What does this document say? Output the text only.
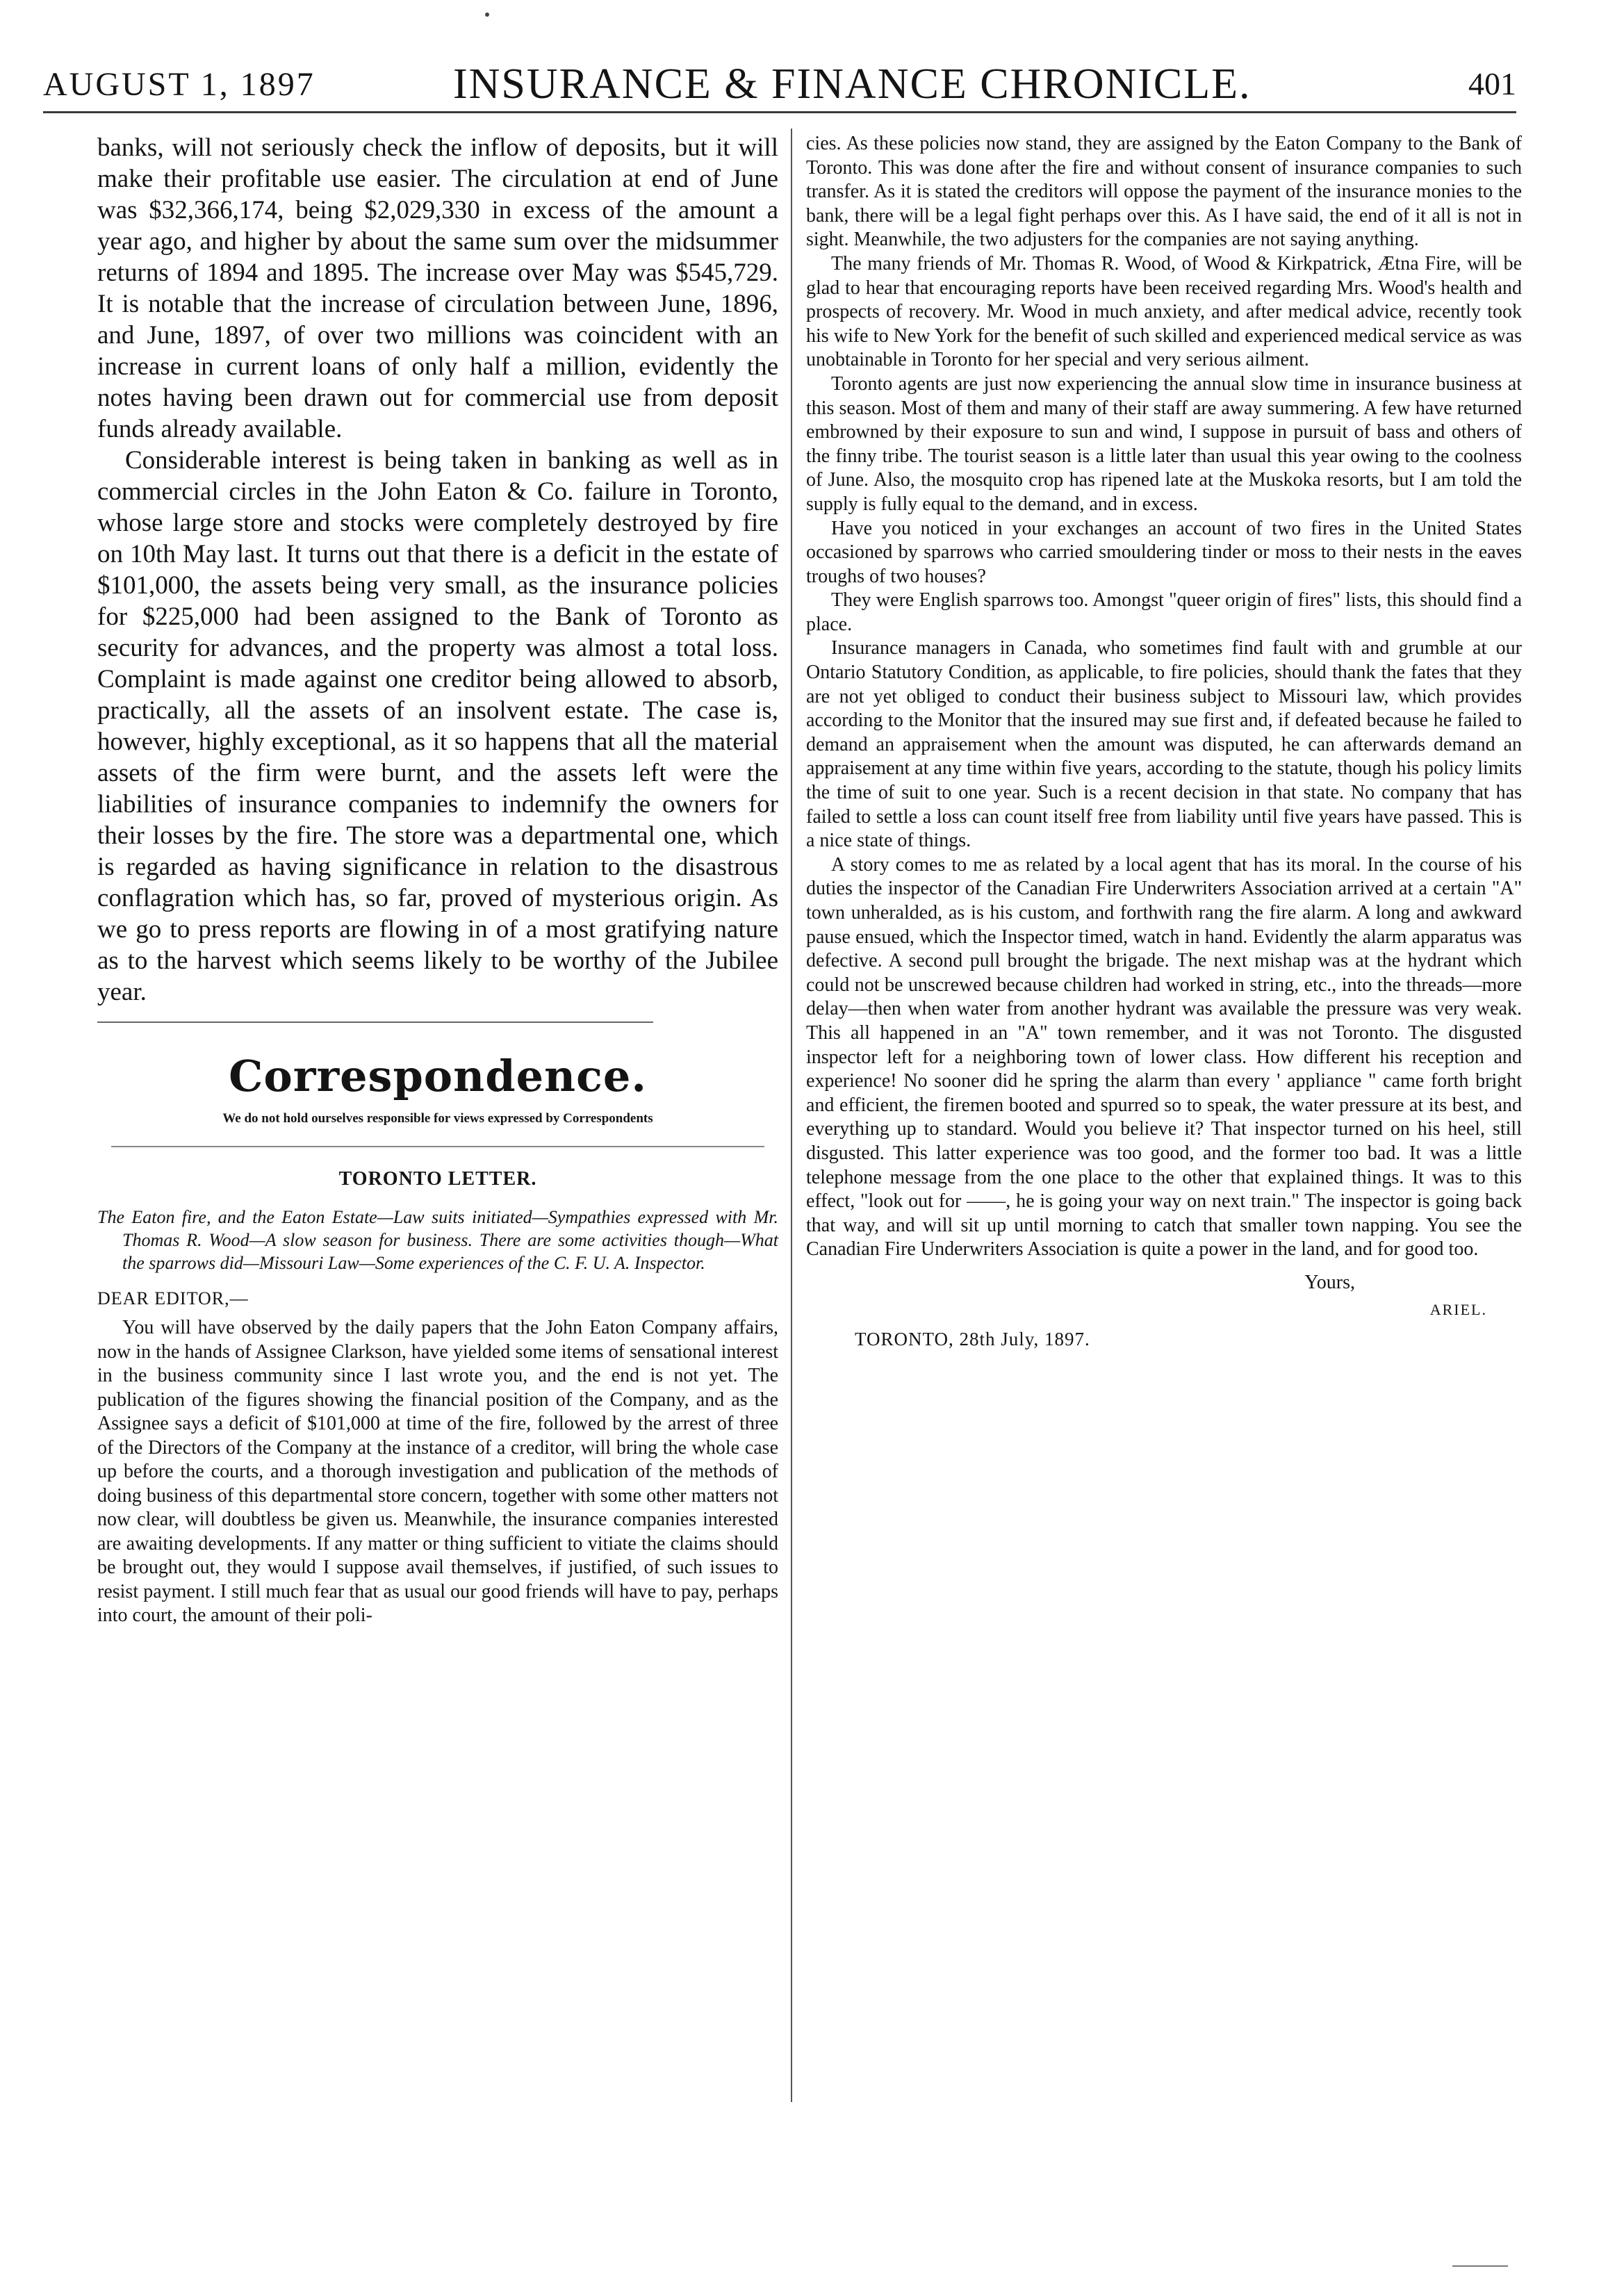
AUGUST 1, 1897	INSURANCE & FINANCE CHRONICLE.	401

banks, will not seriously check the inflow of deposits, but it will make their profitable use easier. The circulation at end of June was $32,366,174, being $2,029,330 in excess of the amount a year ago, and higher by about the same sum over the midsummer returns of 1894 and 1895. The increase over May was $545,729. It is notable that the increase of circulation between June, 1896, and June, 1897, of over two millions was coincident with an increase in current loans of only half a million, evidently the notes having been drawn out for commercial use from deposit funds already available.

Considerable interest is being taken in banking as well as in commercial circles in the John Eaton & Co. failure in Toronto, whose large store and stocks were completely destroyed by fire on 10th May last. It turns out that there is a deficit in the estate of $101,000, the assets being very small, as the insurance policies for $225,000 had been assigned to the Bank of Toronto as security for advances, and the property was almost a total loss. Complaint is made against one creditor being allowed to absorb, practically, all the assets of an insolvent estate. The case is, however, highly exceptional, as it so happens that all the material assets of the firm were burnt, and the assets left were the liabilities of insurance companies to indemnify the owners for their losses by the fire. The store was a departmental one, which is regarded as having significance in relation to the disastrous conflagration which has, so far, proved of mysterious origin. As we go to press reports are flowing in of a most gratifying nature as to the harvest which seems likely to be worthy of the Jubilee year.

Correspondence.
We do not hold ourselves responsible for views expressed by Correspondents
TORONTO LETTER.

The Eaton fire, and the Eaton Estate—Law suits initiated—Sympathies expressed with Mr. Thomas R. Wood—A slow season for business. There are some activities though—What the sparrows did—Missouri Law—Some experiences of the C. F. U. A. Inspector.

DEAR EDITOR,—

You will have observed by the daily papers that the John Eaton Company affairs, now in the hands of Assignee Clarkson, have yielded some items of sensational interest in the business community since I last wrote you, and the end is not yet. The publication of the figures showing the financial position of the Company, and as the Assignee says a deficit of $101,000 at time of the fire, followed by the arrest of three of the Directors of the Company at the instance of a creditor, will bring the whole case up before the courts, and a thorough investigation and publication of the methods of doing business of this departmental store concern, together with some other matters not now clear, will doubtless be given us. Meanwhile, the insurance companies interested are awaiting developments. If any matter or thing sufficient to vitiate the claims should be brought out, they would I suppose avail themselves, if justified, of such issues to resist payment. I still much fear that as usual our good friends will have to pay, perhaps into court, the amount of their poli-

cies. As these policies now stand, they are assigned by the Eaton Company to the Bank of Toronto. This was done after the fire and without consent of insurance companies to such transfer. As it is stated the creditors will oppose the payment of the insurance monies to the bank, there will be a legal fight perhaps over this. As I have said, the end of it all is not in sight. Meanwhile, the two adjusters for the companies are not saying anything.

The many friends of Mr. Thomas R. Wood, of Wood & Kirkpatrick, Ætna Fire, will be glad to hear that encouraging reports have been received regarding Mrs. Wood's health and prospects of recovery. Mr. Wood in much anxiety, and after medical advice, recently took his wife to New York for the benefit of such skilled and experienced medical service as was unobtainable in Toronto for her special and very serious ailment.

Toronto agents are just now experiencing the annual slow time in insurance business at this season. Most of them and many of their staff are away summering. A few have returned embrowned by their exposure to sun and wind, I suppose in pursuit of bass and others of the finny tribe. The tourist season is a little later than usual this year owing to the coolness of June. Also, the mosquito crop has ripened late at the Muskoka resorts, but I am told the supply is fully equal to the demand, and in excess.

Have you noticed in your exchanges an account of two fires in the United States occasioned by sparrows who carried smouldering tinder or moss to their nests in the eaves troughs of two houses?

They were English sparrows too. Amongst "queer origin of fires" lists, this should find a place.

Insurance managers in Canada, who sometimes find fault with and grumble at our Ontario Statutory Condition, as applicable, to fire policies, should thank the fates that they are not yet obliged to conduct their business subject to Missouri law, which provides according to the Monitor that the insured may sue first and, if defeated because he failed to demand an appraisement when the amount was disputed, he can afterwards demand an appraisement at any time within five years, according to the statute, though his policy limits the time of suit to one year. Such is a recent decision in that state. No company that has failed to settle a loss can count itself free from liability until five years have passed. This is a nice state of things.

A story comes to me as related by a local agent that has its moral. In the course of his duties the inspector of the Canadian Fire Underwriters Association arrived at a certain "A" town unheralded, as is his custom, and forthwith rang the fire alarm. A long and awkward pause ensued, which the Inspector timed, watch in hand. Evidently the alarm apparatus was defective. A second pull brought the brigade. The next mishap was at the hydrant which could not be unscrewed because children had worked in string, etc., into the threads—more delay—then when water from another hydrant was available the pressure was very weak. This all happened in an "A" town remember, and it was not Toronto. The disgusted inspector left for a neighboring town of lower class. How different his reception and experience! No sooner did he spring the alarm than every ' appliance " came forth bright and efficient, the firemen booted and spurred so to speak, the water pressure at its best, and everything up to standard. Would you believe it? That inspector turned on his heel, still disgusted. This latter experience was too good, and the former too bad. It was a little telephone message from the one place to the other that explained things. It was to this effect, "look out for ——, he is going your way on next train." The inspector is going back that way, and will sit up until morning to catch that smaller town napping. You see the Canadian Fire Underwriters Association is quite a power in the land, and for good too.

Yours,
ARIEL.
TORONTO, 28th July, 1897.
